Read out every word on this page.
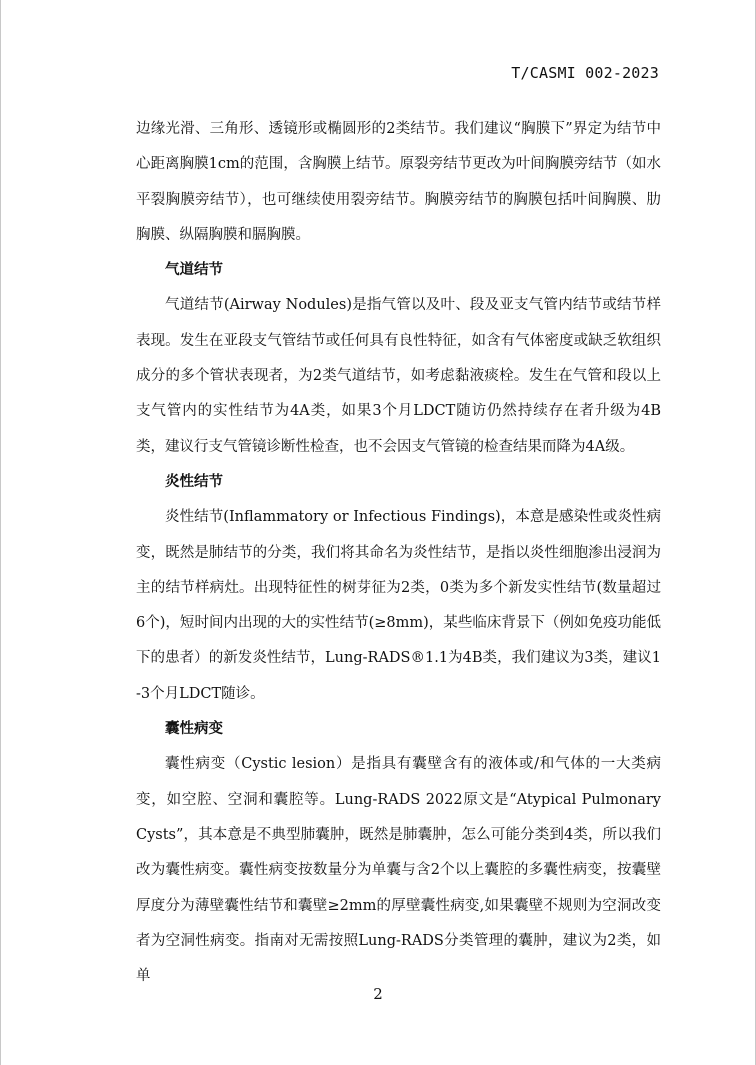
T/CASMI 002-2023

边缘光滑、三角形、透镜形或椭圆形的2类结节。我们建议“胸膜下”界定为结节中心距离胸膜1cm的范围，含胸膜上结节。原裂旁结节更改为叶间胸膜旁结节（如水平裂胸膜旁结节），也可继续使用裂旁结节。胸膜旁结节的胸膜包括叶间胸膜、肋胸膜、纵隔胸膜和膈胸膜。

气道结节

气道结节(Airway Nodules)是指气管以及叶、段及亚支气管内结节或结节样表现。发生在亚段支气管结节或任何具有良性特征，如含有气体密度或缺乏软组织成分的多个管状表现者，为2类气道结节，如考虑黏液痰栓。发生在气管和段以上支气管内的实性结节为4A类，如果3个月LDCT随访仍然持续存在者升级为4B类，建议行支气管镜诊断性检查，也不会因支气管镜的检查结果而降为4A级。

炎性结节

炎性结节(Inflammatory or Infectious Findings)，本意是感染性或炎性病变，既然是肺结节的分类，我们将其命名为炎性结节，是指以炎性细胞渗出浸润为主的结节样病灶。出现特征性的树芽征为2类，0类为多个新发实性结节(数量超过6个)，短时间内出现的大的实性结节(≥8mm)，某些临床背景下（例如免疫功能低下的患者）的新发炎性结节，Lung-RADS®1.1为4B类，我们建议为3类，建议1-3个月LDCT随诊。

囊性病变

囊性病变（Cystic lesion）是指具有囊壁含有的液体或/和气体的一大类病变，如空腔、空洞和囊腔等。Lung-RADS 2022原文是“Atypical Pulmonary Cysts”，其本意是不典型肺囊肿，既然是肺囊肿，怎么可能分类到4类，所以我们改为囊性病变。囊性病变按数量分为单囊与含2个以上囊腔的多囊性病变，按囊壁厚度分为薄壁囊性结节和囊壁≥2mm的厚壁囊性病变,如果囊壁不规则为空洞改变者为空洞性病变。指南对无需按照Lung-RADS分类管理的囊肿，建议为2类，如单

2
